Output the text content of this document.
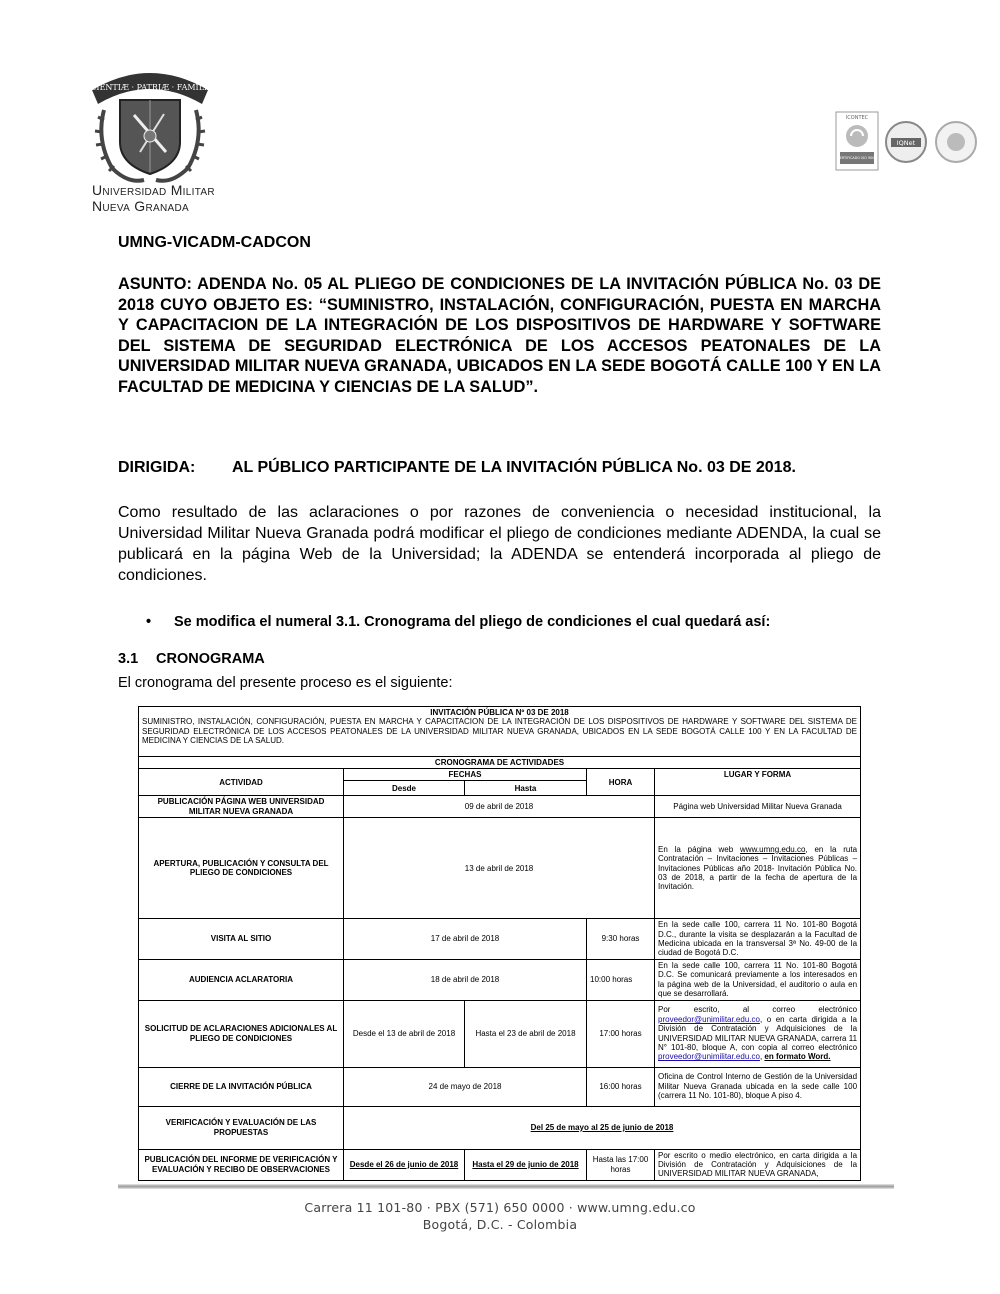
SCIENTIÆ · PATRIÆ · FAMILIÆ
Universidad Militar
Nueva Granada
ICONTEC
CERTIFICADO ISO 9001
IQNet
UMNG-VICADM-CADCON
ASUNTO: ADENDA No. 05 AL PLIEGO DE CONDICIONES DE LA INVITACIÓN PÚBLICA No. 03 DE 2018 CUYO OBJETO ES: “SUMINISTRO, INSTALACIÓN, CONFIGURACIÓN, PUESTA EN MARCHA Y CAPACITACION DE LA INTEGRACIÓN DE LOS DISPOSITIVOS DE HARDWARE Y SOFTWARE DEL SISTEMA DE SEGURIDAD ELECTRÓNICA DE LOS ACCESOS PEATONALES DE LA UNIVERSIDAD MILITAR NUEVA GRANADA, UBICADOS EN LA SEDE BOGOTÁ CALLE 100 Y EN LA FACULTAD DE MEDICINA Y CIENCIAS DE LA SALUD”.
DIRIGIDA: AL PÚBLICO PARTICIPANTE DE LA INVITACIÓN PÚBLICA No. 03 DE 2018.
Como resultado de las aclaraciones o por razones de conveniencia o necesidad institucional, la Universidad Militar Nueva Granada podrá modificar el pliego de condiciones mediante ADENDA, la cual se publicará en la página Web de la Universidad; la ADENDA se entenderá incorporada al pliego de condiciones.
• Se modifica el numeral 3.1. Cronograma del pliego de condiciones el cual quedará así:
3.1 CRONOGRAMA
El cronograma del presente proceso es el siguiente:
INVITACIÓN PÚBLICA Nº 03 DE 2018
SUMINISTRO, INSTALACIÓN, CONFIGURACIÓN, PUESTA EN MARCHA Y CAPACITACION DE LA INTEGRACIÓN DE LOS DISPOSITIVOS DE HARDWARE Y SOFTWARE DEL SISTEMA DE SEGURIDAD ELECTRÓNICA DE LOS ACCESOS PEATONALES DE LA UNIVERSIDAD MILITAR NUEVA GRANADA, UBICADOS EN LA SEDE BOGOTÁ CALLE 100 Y EN LA FACULTAD DE MEDICINA Y CIENCIAS DE LA SALUD.				

CRONOGRAMA DE ACTIVIDADES				
ACTIVIDAD	FECHAS		HORA	LUGAR Y FORMA
	Desde	Hasta		
PUBLICACIÓN PÁGINA WEB UNIVERSIDAD MILITAR NUEVA GRANADA	09 de abril de 2018			Página web Universidad Militar Nueva Granada
APERTURA, PUBLICACIÓN Y CONSULTA DEL PLIEGO DE CONDICIONES	13 de abril de 2018			En la página web www.umng.edu.co, en la ruta Contratación – Invitaciones – Invitaciones Públicas – Invitaciones Públicas año 2018- Invitación Pública No. 03 de 2018, a partir de la fecha de apertura de la Invitación.
VISITA AL SITIO	17 de abril de 2018		9:30 horas	En la sede calle 100, carrera 11 No. 101-80 Bogotá D.C., durante la visita se desplazarán a la Facultad de Medicina ubicada en la transversal 3ª No. 49-00 de la ciudad de Bogotá D.C.
AUDIENCIA ACLARATORIA	18 de abril de 2018		10:00 horas	En la sede calle 100, carrera 11 No. 101-80 Bogotá D.C. Se comunicará previamente a los interesados en la página web de la Universidad, el auditorio o aula en que se desarrollará.
SOLICITUD DE ACLARACIONES ADICIONALES AL PLIEGO DE CONDICIONES	Desde el 13 de abril de 2018	Hasta el 23 de abril de 2018	17:00 horas	Por escrito, al correo electrónico proveedor@unimilitar.edu.co, o en carta dirigida a la División de Contratación y Adquisiciones de la UNIVERSIDAD MILITAR NUEVA GRANADA, carrera 11 N° 101-80, bloque A, con copia al correo electrónico proveedor@unimilitar.edu.co, en formato Word.
CIERRE DE LA INVITACIÓN PÚBLICA	24 de mayo de 2018		16:00 horas	Oficina de Control Interno de Gestión de la Universidad Militar Nueva Granada ubicada en la sede calle 100 (carrera 11 No. 101-80), bloque A piso 4.
VERIFICACIÓN Y EVALUACIÓN DE LAS PROPUESTAS	Del 25 de mayo al 25 de junio de 2018			
PUBLICACIÓN DEL INFORME DE VERIFICACIÓN Y EVALUACIÓN Y RECIBO DE OBSERVACIONES	Desde el 26 de junio de 2018	Hasta el 29 de junio de 2018	Hasta las 17:00 horas	Por escrito o medio electrónico, en carta dirigida a la División de Contratación y Adquisiciones de la UNIVERSIDAD MILITAR NUEVA GRANADA,
Carrera 11 101-80 · PBX (571) 650 0000 · www.umng.edu.co
Bogotá, D.C. - Colombia
